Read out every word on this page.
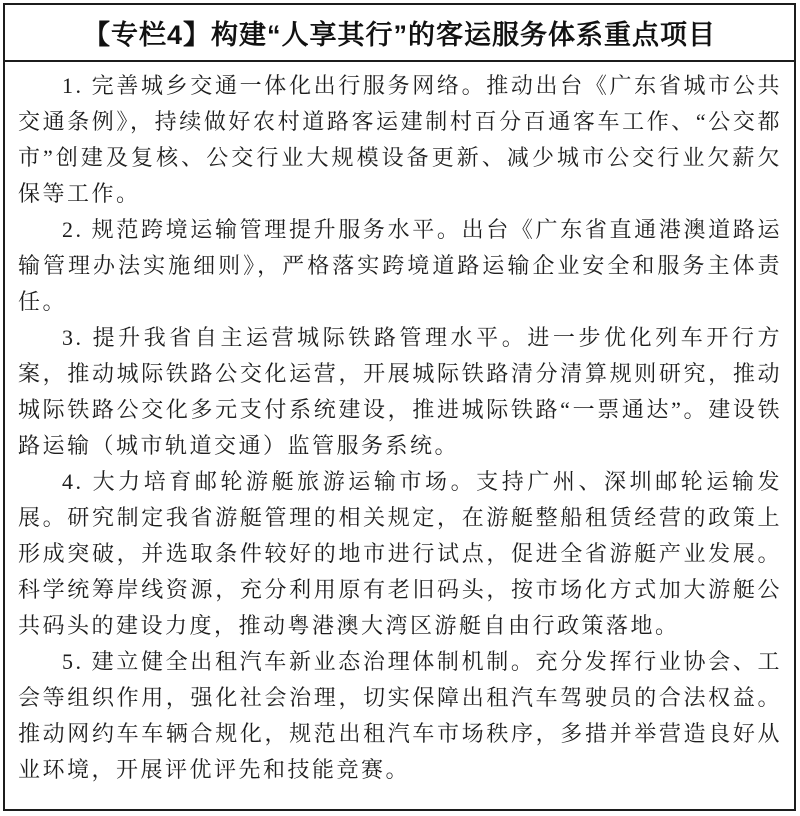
【专栏4】构建“人享其行”的客运服务体系重点项目

1. 完善城乡交通一体化出行服务网络。推动出台《广东省城市公共交通条例》，持续做好农村道路客运建制村百分百通客车工作、“公交都市”创建及复核、公交行业大规模设备更新、减少城市公交行业欠薪欠保等工作。

2. 规范跨境运输管理提升服务水平。出台《广东省直通港澳道路运输管理办法实施细则》，严格落实跨境道路运输企业安全和服务主体责任。

3. 提升我省自主运营城际铁路管理水平。进一步优化列车开行方案，推动城际铁路公交化运营，开展城际铁路清分清算规则研究，推动城际铁路公交化多元支付系统建设，推进城际铁路“一票通达”。建设铁路运输（城市轨道交通）监管服务系统。

4. 大力培育邮轮游艇旅游运输市场。支持广州、深圳邮轮运输发展。研究制定我省游艇管理的相关规定，在游艇整船租赁经营的政策上形成突破，并选取条件较好的地市进行试点，促进全省游艇产业发展。科学统筹岸线资源，充分利用原有老旧码头，按市场化方式加大游艇公共码头的建设力度，推动粤港澳大湾区游艇自由行政策落地。

5. 建立健全出租汽车新业态治理体制机制。充分发挥行业协会、工会等组织作用，强化社会治理，切实保障出租汽车驾驶员的合法权益。推动网约车车辆合规化，规范出租汽车市场秩序，多措并举营造良好从业环境，开展评优评先和技能竞赛。
